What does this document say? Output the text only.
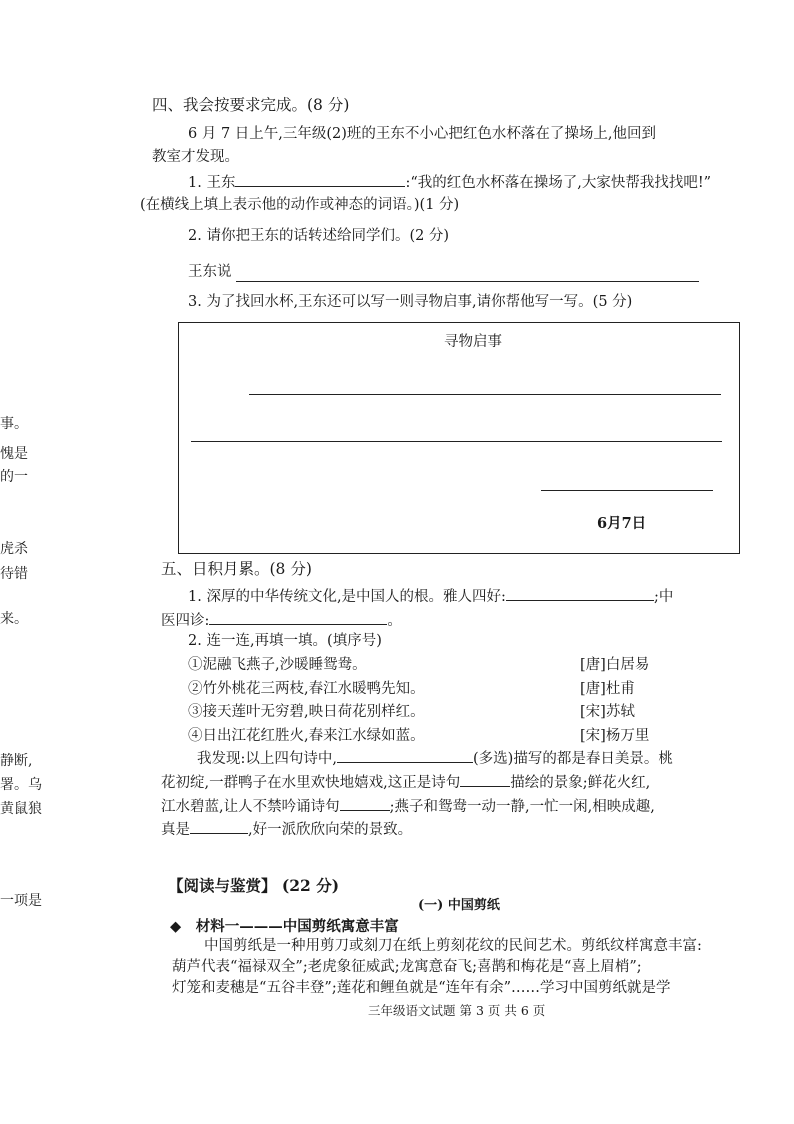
事。
愧是
的一
虎杀
待错
来。
静断,
署。乌
黄鼠狼
一项是
四、我会按要求完成。(8 分)
6 月 7 日上午,三年级(2)班的王东不小心把红色水杯落在了操场上,他回到
教室才发现。
1. 王东	:“我的红色水杯落在操场了,大家快帮我找找吧!”
(在横线上填上表示他的动作或神态的词语。)(1 分)
2. 请你把王东的话转述给同学们。(2 分)
王东说
3. 为了找回水杯,王东还可以写一则寻物启事,请你帮他写一写。(5 分)
寻物启事
6月7日
五、日积月累。(8 分)
1. 深厚的中华传统文化,是中国人的根。雅人四好:	;中
医四诊:	。
2. 连一连,再填一填。(填序号)
①泥融飞燕子,沙暖睡鸳鸯。	[唐]白居易
②竹外桃花三两枝,春江水暖鸭先知。	[唐]杜甫
③接天莲叶无穷碧,映日荷花别样红。	[宋]苏轼
④日出江花红胜火,春来江水绿如蓝。	[宋]杨万里
我发现:以上四句诗中,	(多选)描写的都是春日美景。桃
花初绽,一群鸭子在水里欢快地嬉戏,这正是诗句	描绘的景象;鲜花火红,
江水碧蓝,让人不禁吟诵诗句	;燕子和鸳鸯一动一静,一忙一闲,相映成趣,
真是	,好一派欣欣向荣的景致。
【阅读与鉴赏】 (22 分)
(一) 中国剪纸
◆ 材料一———中国剪纸寓意丰富
中国剪纸是一种用剪刀或刻刀在纸上剪刻花纹的民间艺术。剪纸纹样寓意丰富:
葫芦代表“福禄双全”;老虎象征威武;龙寓意奋飞;喜鹊和梅花是“喜上眉梢”;
灯笼和麦穗是“五谷丰登”;莲花和鲤鱼就是“连年有余”……学习中国剪纸就是学
三年级语文试题 第 3 页 共 6 页
